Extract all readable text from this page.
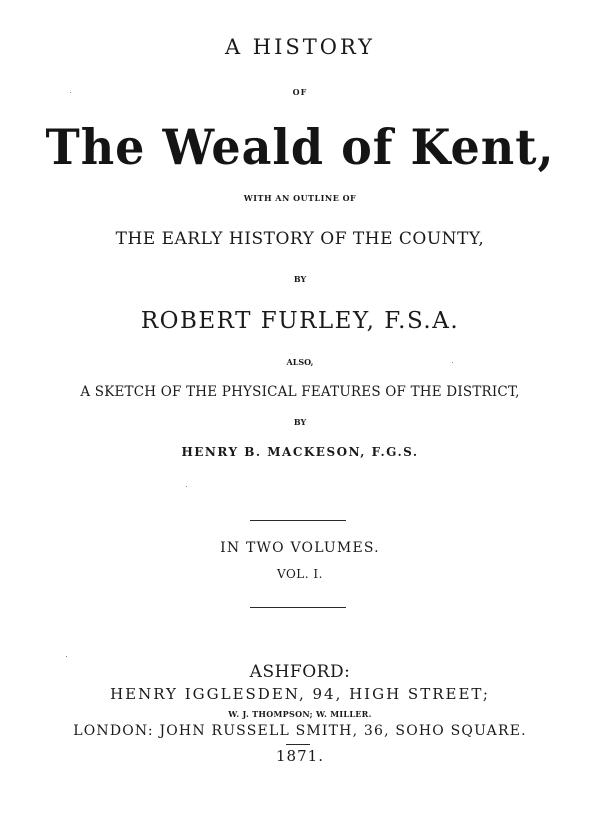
A HISTORY
OF
The Weald of Kent,
WITH AN OUTLINE OF
THE EARLY HISTORY OF THE COUNTY,
BY
ROBERT FURLEY, F.S.A.
ALSO,
A SKETCH OF THE PHYSICAL FEATURES OF THE DISTRICT,
BY
HENRY B. MACKESON, F.G.S.
IN TWO VOLUMES.
VOL. I.
ASHFORD:
HENRY IGGLESDEN, 94, HIGH STREET;
W. J. THOMPSON; W. MILLER.
LONDON: JOHN RUSSELL SMITH, 36, SOHO SQUARE.
1871.
